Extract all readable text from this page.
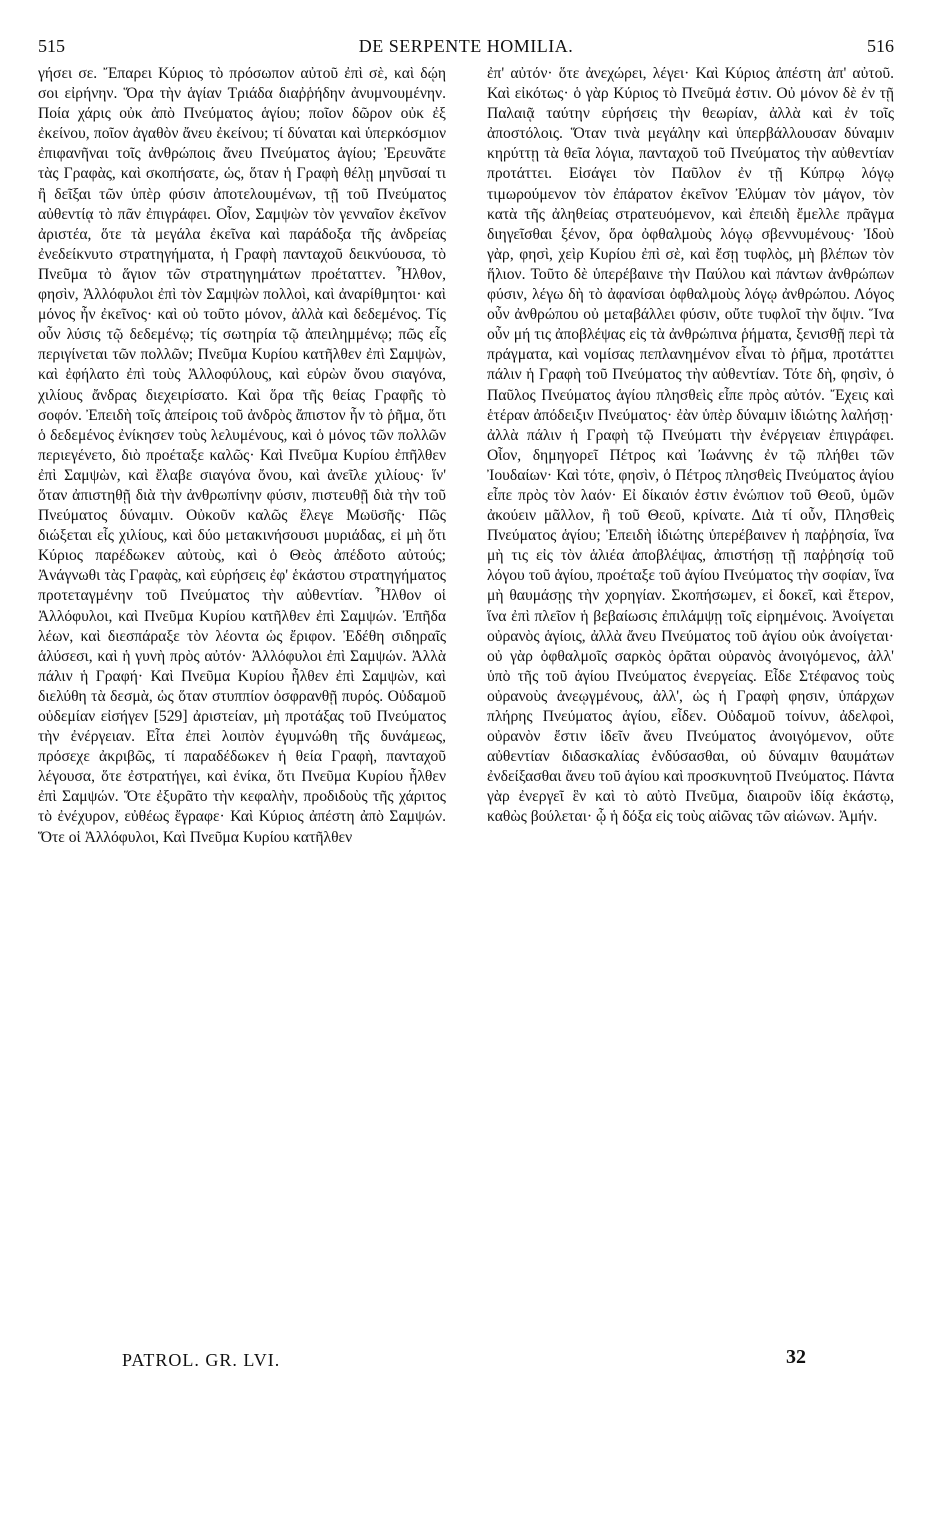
515	DE SERPENTE HOMILIA.	516

γήσει σε. Ἔπαρει Κύριος τὸ πρόσωπον αὐτοῦ ἐπὶ σὲ, καὶ δῴη σοι εἰρήνην. Ὅρα τὴν ἁγίαν Τριάδα διαῤῥήδην ἀνυμνουμένην. Ποία χάρις οὐκ ἀπὸ Πνεύματος ἁγίου; ποῖον δῶρον οὐκ ἐξ ἐκείνου, ποῖον ἀγαθὸν ἄνευ ἐκείνου; τί δύναται καὶ ὑπερκόσμιον ἐπιφανῆναι τοῖς ἀνθρώποις ἄνευ Πνεύματος ἁγίου; Ἐρευνᾶτε τὰς Γραφὰς, καὶ σκοπήσατε, ὡς, ὅταν ἡ Γραφὴ θέλῃ μηνῦσαί τι ἢ δεῖξαι τῶν ὑπὲρ φύσιν ἀποτελουμένων, τῇ τοῦ Πνεύματος αὐθεντίᾳ τὸ πᾶν ἐπιγράφει. Οἷον, Σαμψὼν τὸν γενναῖον ἐκεῖνον ἀριστέα, ὅτε τὰ μεγάλα ἐκεῖνα καὶ παράδοξα τῆς ἀνδρείας ἐνεδείκνυτο στρατηγήματα, ἡ Γραφὴ πανταχοῦ δεικνύουσα, τὸ Πνεῦμα τὸ ἅγιον τῶν στρατηγημάτων προέταττεν. Ἦλθον, φησὶν, Ἀλλόφυλοι ἐπὶ τὸν Σαμψὼν πολλοὶ, καὶ ἀναρίθμητοι· καὶ μόνος ἦν ἐκεῖνος· καὶ οὐ τοῦτο μόνον, ἀλλὰ καὶ δεδεμένος. Τίς οὖν λύσις τῷ δεδεμένῳ; τίς σωτηρία τῷ ἀπειλημμένῳ; πῶς εἷς περιγίνεται τῶν πολλῶν; Πνεῦμα Κυρίου κατῆλθεν ἐπὶ Σαμψὼν, καὶ ἐφήλατο ἐπὶ τοὺς Ἀλλοφύλους, καὶ εὑρὼν ὄνου σιαγόνα, χιλίους ἄνδρας διεχειρίσατο. Καὶ ὅρα τῆς θείας Γραφῆς τὸ σοφόν. Ἐπειδὴ τοῖς ἀπείροις τοῦ ἀνδρὸς ἄπιστον ἦν τὸ ῥῆμα, ὅτι ὁ δεδεμένος ἐνίκησεν τοὺς λελυμένους, καὶ ὁ μόνος τῶν πολλῶν περιεγένετο, διὸ προέταξε καλῶς· Καὶ Πνεῦμα Κυρίου ἐπῆλθεν ἐπὶ Σαμψὼν, καὶ ἔλαβε σιαγόνα ὄνου, καὶ ἀνεῖλε χιλίους· ἵν' ὅταν ἀπιστηθῇ διὰ τὴν ἀνθρωπίνην φύσιν, πιστευθῇ διὰ τὴν τοῦ Πνεύματος δύναμιν. Οὐκοῦν καλῶς ἔλεγε Μωϋσῆς· Πῶς διώξεται εἷς χιλίους, καὶ δύο μετακινήσουσι μυριάδας, εἰ μὴ ὅτι Κύριος παρέδωκεν αὐτοὺς, καὶ ὁ Θεὸς ἀπέδοτο αὐτούς; Ἀνάγνωθι τὰς Γραφὰς, καὶ εὑρήσεις ἐφ' ἑκάστου στρατηγήματος προτεταγμένην τοῦ Πνεύματος τὴν αὐθεντίαν. Ἦλθον οἱ Ἀλλόφυλοι, καὶ Πνεῦμα Κυρίου κατῆλθεν ἐπὶ Σαμψών. Ἐπῆδα λέων, καὶ διεσπάραξε τὸν λέοντα ὡς ἔριφον. Ἐδέθη σιδηραῖς ἁλύσεσι, καὶ ἡ γυνὴ πρὸς αὐτόν· Ἀλλόφυλοι ἐπὶ Σαμψών. Ἀλλὰ πάλιν ἡ Γραφή· Καὶ Πνεῦμα Κυρίου ἦλθεν ἐπὶ Σαμψὼν, καὶ διελύθη τὰ δεσμὰ, ὡς ὅταν στυππίον ὀσφρανθῇ πυρός. Οὐδαμοῦ οὐδεμίαν εἰσήγεν [529] ἀριστείαν, μὴ προτάξας τοῦ Πνεύματος τὴν ἐνέργειαν. Εἶτα ἐπεὶ λοιπὸν ἐγυμνώθη τῆς δυνάμεως, πρόσεχε ἀκριβῶς, τί παραδέδωκεν ἡ θεία Γραφὴ, πανταχοῦ λέγουσα, ὅτε ἐστρατήγει, καὶ ἐνίκα, ὅτι Πνεῦμα Κυρίου ἦλθεν ἐπὶ Σαμψών. Ὅτε ἐξυρᾶτο τὴν κεφαλὴν, προδιδοὺς τῆς χάριτος τὸ ἐνέχυρον, εὐθέως ἔγραφε· Καὶ Κύριος ἀπέστη ἀπὸ Σαμψών. Ὅτε οἱ Ἀλλόφυλοι, Καὶ Πνεῦμα Κυρίου κατῆλθεν

ἐπ' αὐτόν· ὅτε ἀνεχώρει, λέγει· Καὶ Κύριος ἀπέστη ἀπ' αὐτοῦ. Καὶ εἰκότως· ὁ γὰρ Κύριος τὸ Πνεῦμά ἐστιν. Οὐ μόνον δὲ ἐν τῇ Παλαιᾷ ταύτην εὑρήσεις τὴν θεωρίαν, ἀλλὰ καὶ ἐν τοῖς ἀποστόλοις. Ὅταν τινὰ μεγάλην καὶ ὑπερβάλλουσαν δύναμιν κηρύττῃ τὰ θεῖα λόγια, πανταχοῦ τοῦ Πνεύματος τὴν αὐθεντίαν προτάττει. Εἰσάγει τὸν Παῦλον ἐν τῇ Κύπρῳ λόγῳ τιμωρούμενον τὸν ἐπάρατον ἐκεῖνον Ἐλύμαν τὸν μάγον, τὸν κατὰ τῆς ἀληθείας στρατευόμενον, καὶ ἐπειδὴ ἔμελλε πρᾶγμα διηγεῖσθαι ξένον, ὅρα ὀφθαλμοὺς λόγῳ σβεννυμένους· Ἰδοὺ γὰρ, φησὶ, χεὶρ Κυρίου ἐπὶ σὲ, καὶ ἔσῃ τυφλὸς, μὴ βλέπων τὸν ἥλιον. Τοῦτο δὲ ὑπερέβαινε τὴν Παύλου καὶ πάντων ἀνθρώπων φύσιν, λέγω δὴ τὸ ἀφανίσαι ὀφθαλμοὺς λόγῳ ἀνθρώπου. Λόγος οὖν ἀνθρώπου οὐ μεταβάλλει φύσιν, οὔτε τυφλοῖ τὴν ὄψιν. Ἵνα οὖν μή τις ἀποβλέψας εἰς τὰ ἀνθρώπινα ῥήματα, ξενισθῇ περὶ τὰ πράγματα, καὶ νομίσας πεπλανημένον εἶναι τὸ ῥῆμα, προτάττει πάλιν ἡ Γραφὴ τοῦ Πνεύματος τὴν αὐθεντίαν. Τότε δὴ, φησὶν, ὁ Παῦλος Πνεύματος ἁγίου πλησθεὶς εἶπε πρὸς αὐτόν. Ἔχεις καὶ ἑτέραν ἀπόδειξιν Πνεύματος· ἐὰν ὑπὲρ δύναμιν ἰδιώτης λαλήσῃ· ἀλλὰ πάλιν ἡ Γραφὴ τῷ Πνεύματι τὴν ἐνέργειαν ἐπιγράφει. Οἷον, δημηγορεῖ Πέτρος καὶ Ἰωάννης ἐν τῷ πλήθει τῶν Ἰουδαίων· Καὶ τότε, φησὶν, ὁ Πέτρος πλησθεὶς Πνεύματος ἁγίου εἶπε πρὸς τὸν λαόν· Εἰ δίκαιόν ἐστιν ἐνώπιον τοῦ Θεοῦ, ὑμῶν ἀκούειν μᾶλλον, ἢ τοῦ Θεοῦ, κρίνατε. Διὰ τί οὖν, Πλησθεὶς Πνεύματος ἁγίου; Ἐπειδὴ ἰδιώτης ὑπερέβαινεν ἡ παῤῥησία, ἵνα μὴ τις εἰς τὸν ἁλιέα ἀποβλέψας, ἀπιστήσῃ τῇ παῤῥησίᾳ τοῦ λόγου τοῦ ἁγίου, προέταξε τοῦ ἁγίου Πνεύματος τὴν σοφίαν, ἵνα μὴ θαυμάσῃς τὴν χορηγίαν. Σκοπήσωμεν, εἰ δοκεῖ, καὶ ἕτερον, ἵνα ἐπὶ πλεῖον ἡ βεβαίωσις ἐπιλάμψῃ τοῖς εἰρημένοις. Ἀνοίγεται οὐρανὸς ἁγίοις, ἀλλὰ ἄνευ Πνεύματος τοῦ ἁγίου οὐκ ἀνοίγεται· οὐ γὰρ ὀφθαλμοῖς σαρκὸς ὁρᾶται οὐρανὸς ἀνοιγόμενος, ἀλλ' ὑπὸ τῆς τοῦ ἁγίου Πνεύματος ἐνεργείας. Εἶδε Στέφανος τοὺς οὐρανοὺς ἀνεῳγμένους, ἀλλ', ὡς ἡ Γραφὴ φησιν, ὑπάρχων πλήρης Πνεύματος ἁγίου, εἶδεν. Οὐδαμοῦ τοίνυν, ἀδελφοὶ, οὐρανὸν ἔστιν ἰδεῖν ἄνευ Πνεύματος ἀνοιγόμενον, οὔτε αὐθεντίαν διδασκαλίας ἐνδύσασθαι, οὐ δύναμιν θαυμάτων ἐνδείξασθαι ἄνευ τοῦ ἁγίου καὶ προσκυνητοῦ Πνεύματος. Πάντα γὰρ ἐνεργεῖ ἓν καὶ τὸ αὐτὸ Πνεῦμα, διαιροῦν ἰδίᾳ ἑκάστῳ, καθὼς βούλεται· ᾧ ἡ δόξα εἰς τοὺς αἰῶνας τῶν αἰώνων. Ἀμήν.

PATROL. GR. LVI.	32
